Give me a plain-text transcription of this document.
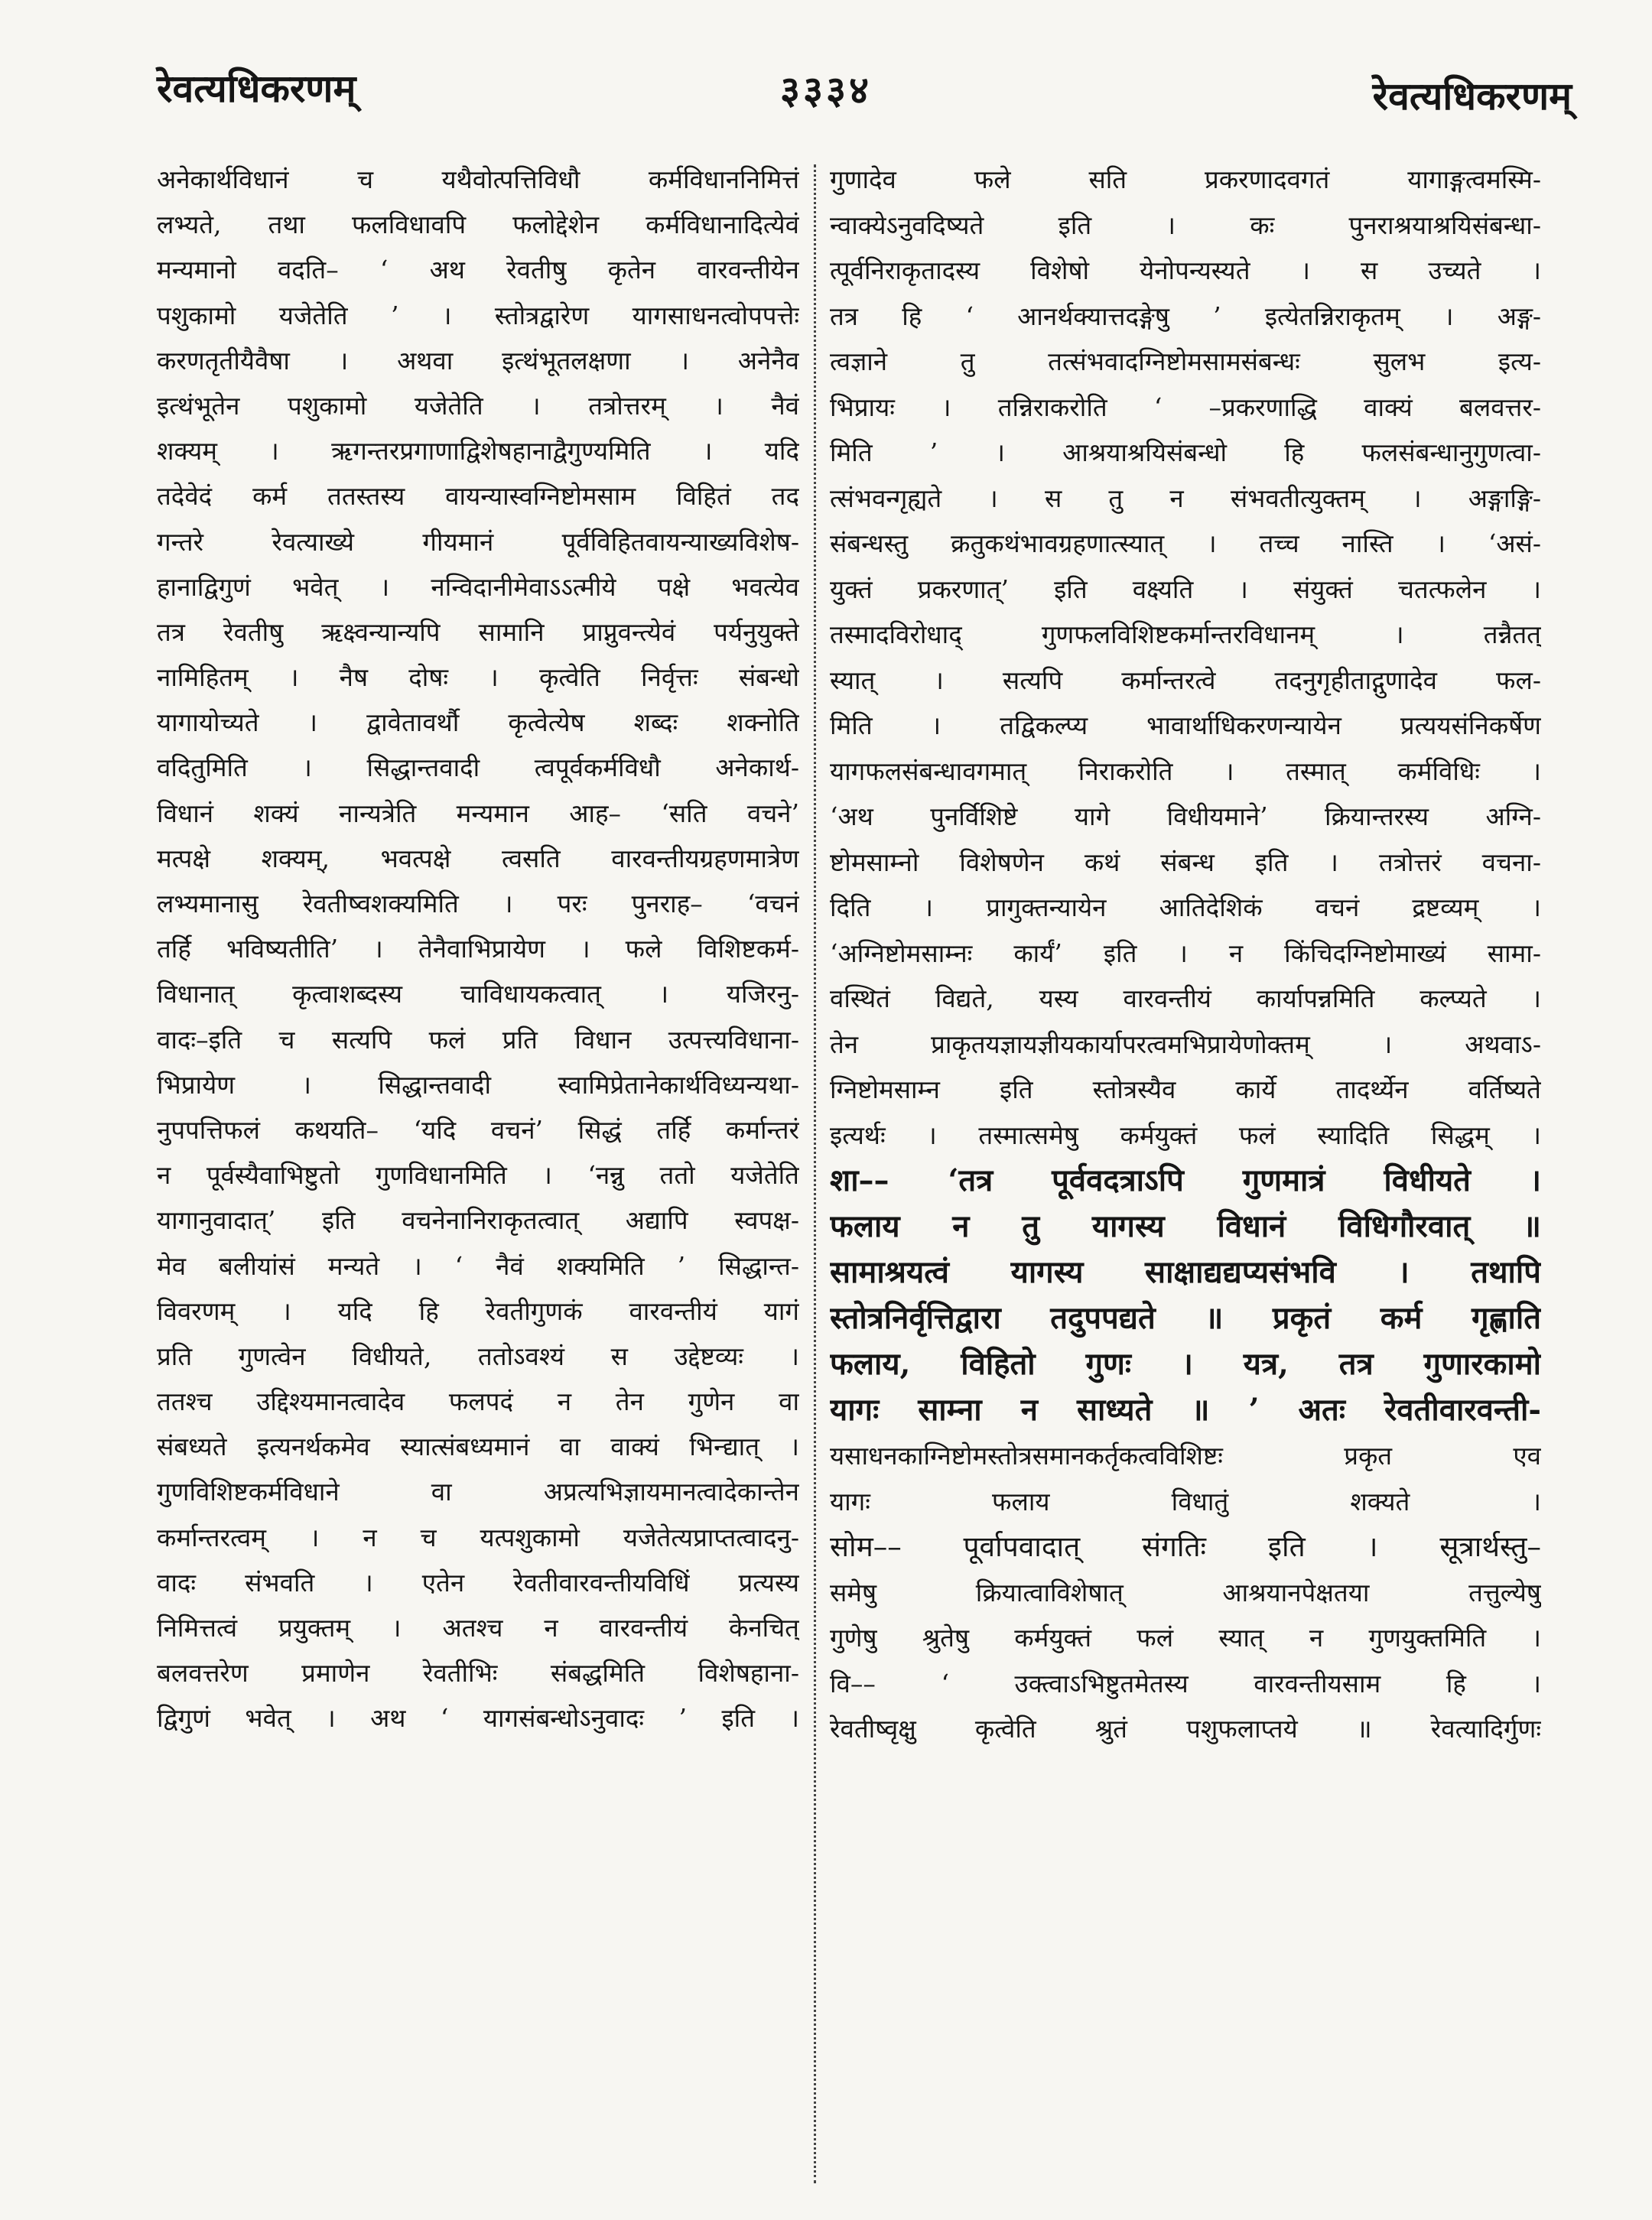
रेवत्यधिकरणम्	३३३४	रेवत्यधिकरणम्
अनेकार्थविधानं च यथैवोत्पत्तिविधौ कर्मविधाननिमित्तं
लभ्यते, तथा फलविधावपि फलोद्देशेन कर्मविधानादित्येवं
मन्यमानो वदति– ‘ अथ रेवतीषु कृतेन वारवन्तीयेन
पशुकामो यजेतेति ’ । स्तोत्रद्वारेण यागसाधनत्वोपपत्तेः
करणतृतीयैवैषा । अथवा इत्थंभूतलक्षणा । अनेनैव
इत्थंभूतेन पशुकामो यजेतेति । तत्रोत्तरम् । नैवं
शक्यम् । ऋगन्तरप्रगाणाद्विशेषहानाद्वैगुण्यमिति । यदि
तदेवेदं कर्म ततस्तस्य वायन्यास्वग्निष्टोमसाम विहितं तद
गन्तरे रेवत्याख्ये गीयमानं पूर्वविहितवायन्याख्यविशेष-
हानाद्विगुणं भवेत् । नन्विदानीमेवाऽऽत्मीये पक्षे भवत्येव
तत्र रेवतीषु ऋक्ष्वन्यान्यपि सामानि प्राप्नुवन्त्येवं पर्यनुयुक्ते
नामिहितम् । नैष दोषः । कृत्वेति निर्वृत्तः संबन्धो
यागायोच्यते । द्वावेतावर्थौ कृत्वेत्येष शब्दः शक्नोति
वदितुमिति । सिद्धान्तवादी त्वपूर्वकर्मविधौ अनेकार्थ-
विधानं शक्यं नान्यत्रेति मन्यमान आह– ‘सति वचने’
मत्पक्षे शक्यम्, भवत्पक्षे त्वसति वारवन्तीयग्रहणमात्रेण
लभ्यमानासु रेवतीष्वशक्यमिति । परः पुनराह– ‘वचनं
तर्हि भविष्यतीति’ । तेनैवाभिप्रायेण । फले विशिष्टकर्म-
विधानात् कृत्वाशब्दस्य चाविधायकत्वात् । यजिरनु-
वादः–इति च सत्यपि फलं प्रति विधान उत्पत्त्यविधाना-
भिप्रायेण । सिद्धान्तवादी स्वामिप्रेतानेकार्थविध्यन्यथा-
नुपपत्तिफलं कथयति– ‘यदि वचनं’ सिद्धं तर्हि कर्मान्तरं
न पूर्वस्यैवाभिष्टुतो गुणविधानमिति । ‘नन्नु ततो यजेतेति
यागानुवादात्’ इति वचनेनानिराकृतत्वात् अद्यापि स्वपक्ष-
मेव बलीयांसं मन्यते । ‘ नैवं शक्यमिति ’ सिद्धान्त-
विवरणम् । यदि हि रेवतीगुणकं वारवन्तीयं यागं
प्रति गुणत्वेन विधीयते, ततोऽवश्यं स उद्देष्टव्यः ।
ततश्च उद्दिश्यमानत्वादेव फलपदं न तेन गुणेन वा
संबध्यते इत्यनर्थकमेव स्यात्संबध्यमानं वा वाक्यं भिन्द्यात् ।
गुणविशिष्टकर्मविधाने वा अप्रत्यभिज्ञायमानत्वादेकान्तेन
कर्मान्तरत्वम् । न च यत्पशुकामो यजेतेत्यप्राप्तत्वादनु-
वादः संभवति । एतेन रेवतीवारवन्तीयविधिं प्रत्यस्य
निमित्तत्वं प्रयुक्तम् । अतश्च न वारवन्तीयं केनचित्
बलवत्तरेण प्रमाणेन रेवतीभिः संबद्धमिति विशेषहाना-
द्विगुणं भवेत् । अथ ‘ यागसंबन्धोऽनुवादः ’ इति ।
गुणादेव फले सति प्रकरणादवगतं यागाङ्गत्वमस्मि-
न्वाक्येऽनुवदिष्यते इति । कः पुनराश्रयाश्रयिसंबन्धा-
त्पूर्वनिराकृतादस्य विशेषो येनोपन्यस्यते । स उच्यते ।
तत्र हि ‘ आनर्थक्यात्तदङ्गेषु ’ इत्येतन्निराकृतम् । अङ्ग-
त्वज्ञाने तु तत्संभवादग्निष्टोमसामसंबन्धः सुलभ इत्य-
भिप्रायः । तन्निराकरोति ‘ –प्रकरणाद्धि वाक्यं बलवत्तर-
मिति ’ । आश्रयाश्रयिसंबन्धो हि फलसंबन्धानुगुणत्वा-
त्संभवन्गृह्यते । स तु न संभवतीत्युक्तम् । अङ्गाङ्गि-
संबन्धस्तु क्रतुकथंभावग्रहणात्स्यात् । तच्च नास्ति । ‘असं-
युक्तं प्रकरणात्’ इति वक्ष्यति । संयुक्तं चतत्फलेन ।
तस्मादविरोधाद् गुणफलविशिष्टकर्मान्तरविधानम् । तन्नैतत्
स्यात् । सत्यपि कर्मान्तरत्वे तदनुगृहीताद्गुणादेव फल-
मिति । तद्विकल्प्य भावार्थाधिकरणन्यायेन प्रत्ययसंनिकर्षेण
यागफलसंबन्धावगमात् निराकरोति । तस्मात् कर्मविधिः ।
‘अथ पुनर्विशिष्टे यागे विधीयमाने’ क्रियान्तरस्य अग्नि-
ष्टोमसाम्नो विशेषणेन कथं संबन्ध इति । तत्रोत्तरं वचना-
दिति । प्रागुक्तन्यायेन आतिदेशिकं वचनं द्रष्टव्यम् ।
‘अग्निष्टोमसाम्नः कार्यं’ इति । न किंचिदग्निष्टोमाख्यं सामा-
वस्थितं विद्यते, यस्य वारवन्तीयं कार्यापन्नमिति कल्प्यते ।
तेन प्राकृतयज्ञायज्ञीयकार्यापरत्वमभिप्रायेणोक्तम् । अथवाऽ-
ग्निष्टोमसाम्न इति स्तोत्रस्यैव कार्ये तादर्थ्येन वर्तिष्यते
इत्यर्थः । तस्मात्समेषु कर्मयुक्तं फलं स्यादिति सिद्धम् ।
शा–– ‘तत्र पूर्ववदत्राऽपि गुणमात्रं विधीयते ।
फलाय न तु यागस्य विधानं विधिगौरवात् ॥
सामाश्रयत्वं यागस्य साक्षाद्यद्यप्यसंभवि । तथापि
स्तोत्रनिर्वृत्तिद्वारा तदुपपद्यते ॥ प्रकृतं कर्म गृह्णाति
फलाय, विहितो गुणः । यत्र, तत्र गुणारकामो
यागः साम्ना न साध्यते ॥ ’ अतः रेवतीवारवन्ती-
यसाधनकाग्निष्टोमस्तोत्रसमानकर्तृकत्वविशिष्टः प्रकृत एव
यागः फलाय विधातुं शक्यते ।
सोम–– पूर्वापवादात् संगतिः इति । सूत्रार्थस्तु–
समेषु क्रियात्वाविशेषात् आश्रयानपेक्षतया तत्तुल्येषु
गुणेषु श्रुतेषु कर्मयुक्तं फलं स्यात् न गुणयुक्तमिति ।
वि–– ‘ उक्त्वाऽभिष्टुतमेतस्य वारवन्तीयसाम हि ।
रेवतीष्वृक्षु कृत्वेति श्रुतं पशुफलाप्तये ॥ रेवत्यादिर्गुणः
